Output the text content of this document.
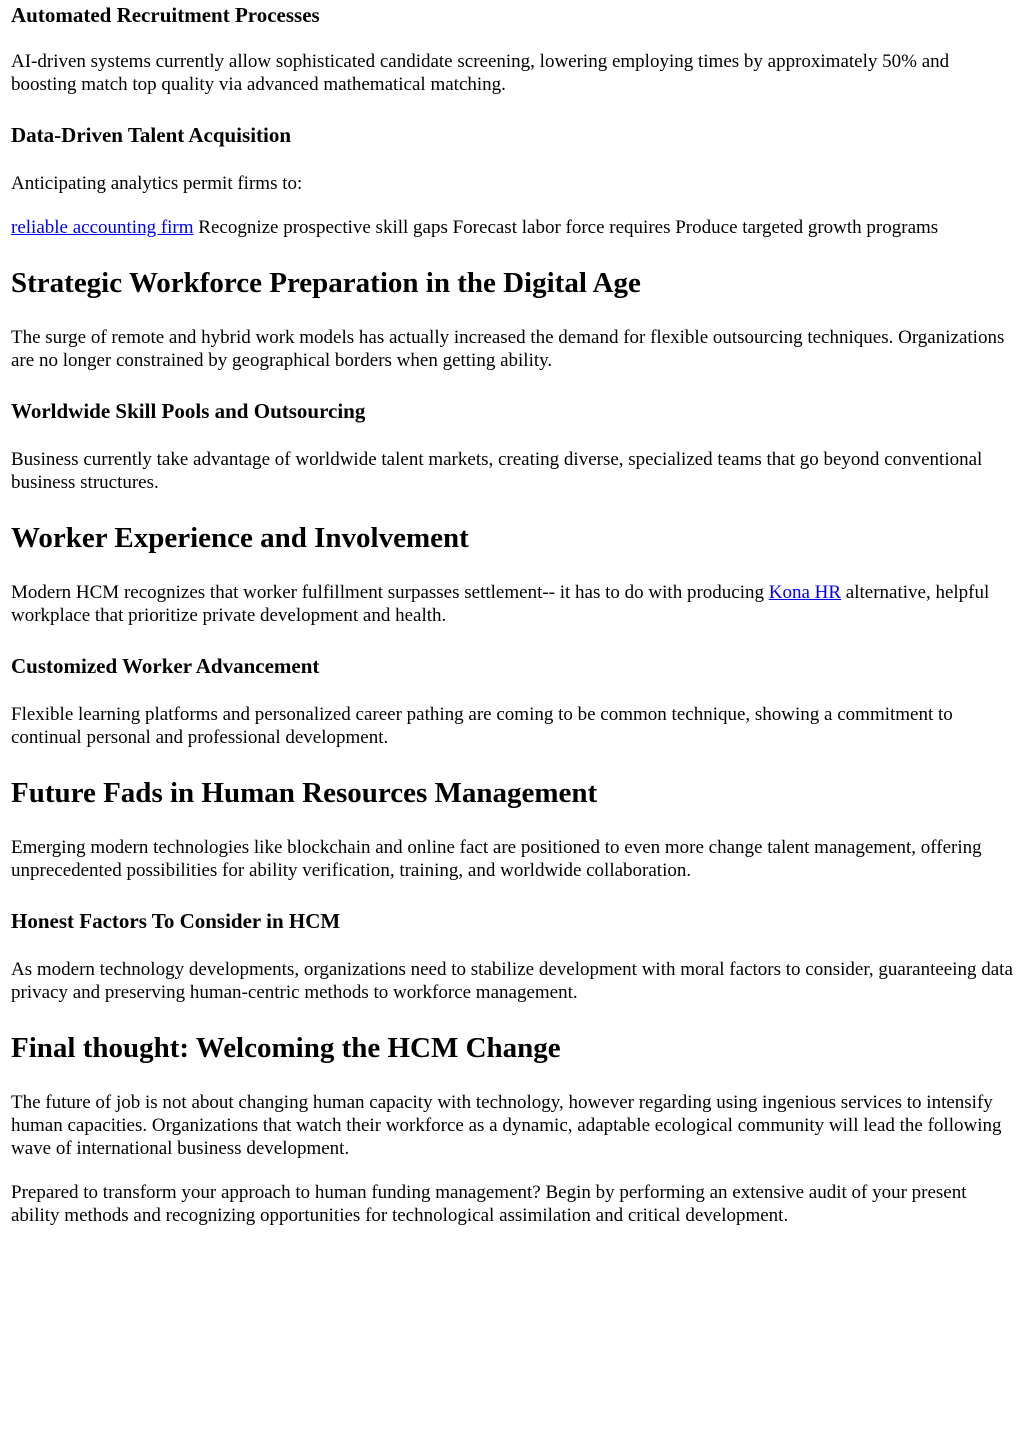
Automated Recruitment Processes

AI-driven systems currently allow sophisticated candidate screening, lowering employing times by approximately 50% and boosting match top quality via advanced mathematical matching.

Data-Driven Talent Acquisition

Anticipating analytics permit firms to:

reliable accounting firm Recognize prospective skill gaps Forecast labor force requires Produce targeted growth programs

Strategic Workforce Preparation in the Digital Age

The surge of remote and hybrid work models has actually increased the demand for flexible outsourcing techniques. Organizations are no longer constrained by geographical borders when getting ability.

Worldwide Skill Pools and Outsourcing

Business currently take advantage of worldwide talent markets, creating diverse, specialized teams that go beyond conventional business structures.

Worker Experience and Involvement

Modern HCM recognizes that worker fulfillment surpasses settlement-- it has to do with producing Kona HR alternative, helpful workplace that prioritize private development and health.

Customized Worker Advancement

Flexible learning platforms and personalized career pathing are coming to be common technique, showing a commitment to continual personal and professional development.

Future Fads in Human Resources Management

Emerging modern technologies like blockchain and online fact are positioned to even more change talent management, offering unprecedented possibilities for ability verification, training, and worldwide collaboration.

Honest Factors To Consider in HCM

As modern technology developments, organizations need to stabilize development with moral factors to consider, guaranteeing data privacy and preserving human-centric methods to workforce management.

Final thought: Welcoming the HCM Change

The future of job is not about changing human capacity with technology, however regarding using ingenious services to intensify human capacities. Organizations that watch their workforce as a dynamic, adaptable ecological community will lead the following wave of international business development.

Prepared to transform your approach to human funding management? Begin by performing an extensive audit of your present ability methods and recognizing opportunities for technological assimilation and critical development.
